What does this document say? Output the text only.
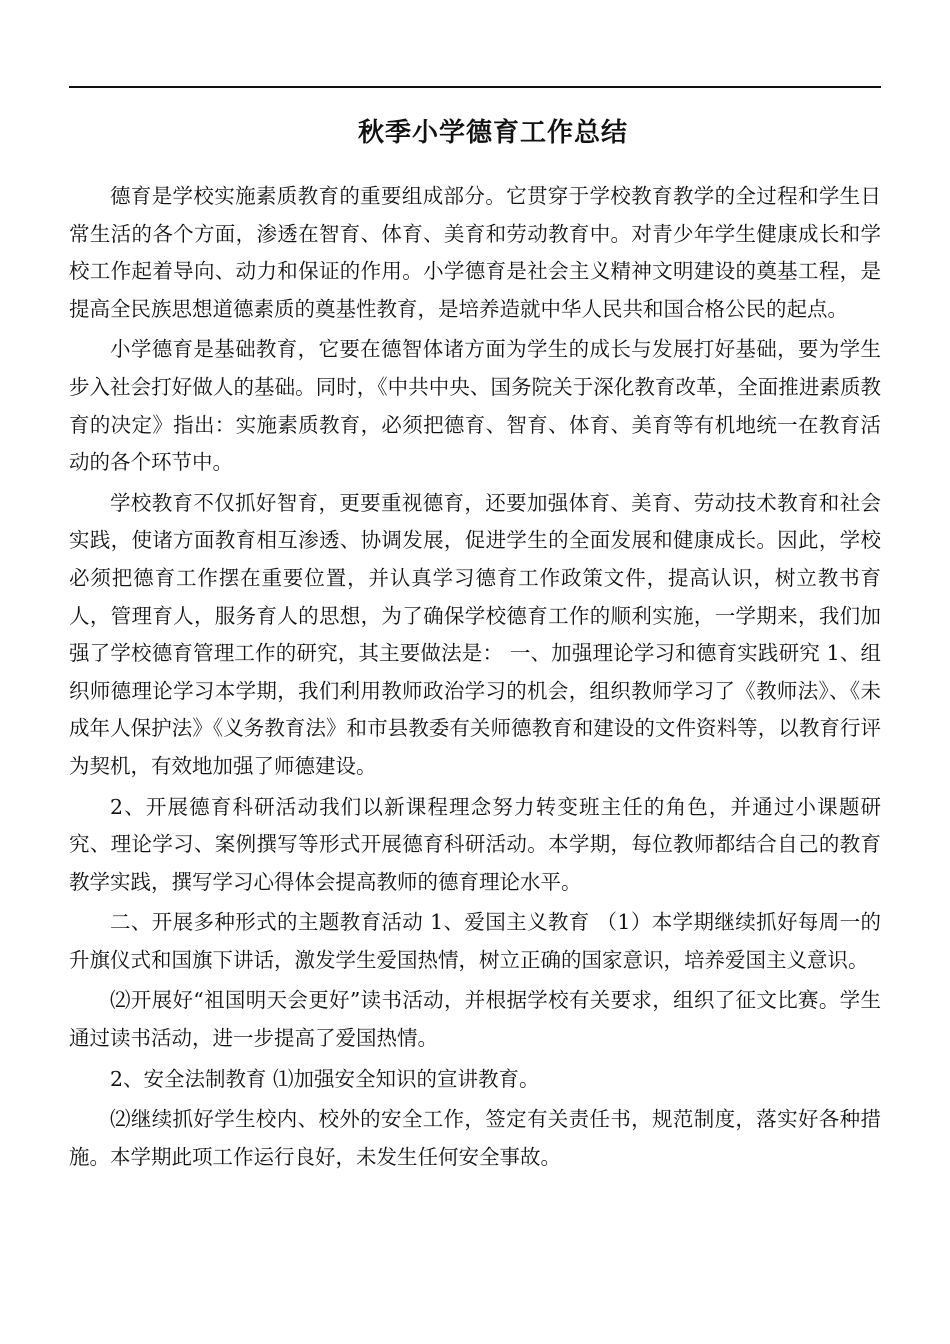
秋季小学德育工作总结

德育是学校实施素质教育的重要组成部分。它贯穿于学校教育教学的全过程和学生日常生活的各个方面，渗透在智育、体育、美育和劳动教育中。对青少年学生健康成长和学校工作起着导向、动力和保证的作用。小学德育是社会主义精神文明建设的奠基工程，是提高全民族思想道德素质的奠基性教育，是培养造就中华人民共和国合格公民的起点。

小学德育是基础教育，它要在德智体诸方面为学生的成长与发展打好基础，要为学生步入社会打好做人的基础。同时，《中共中央、国务院关于深化教育改革，全面推进素质教育的决定》指出：实施素质教育，必须把德育、智育、体育、美育等有机地统一在教育活动的各个环节中。

学校教育不仅抓好智育，更要重视德育，还要加强体育、美育、劳动技术教育和社会实践，使诸方面教育相互渗透、协调发展，促进学生的全面发展和健康成长。因此，学校必须把德育工作摆在重要位置，并认真学习德育工作政策文件，提高认识，树立教书育人，管理育人，服务育人的思想，为了确保学校德育工作的顺利实施，一学期来，我们加强了学校德育管理工作的研究，其主要做法是： 一、加强理论学习和德育实践研究 1、组织师德理论学习本学期，我们利用教师政治学习的机会，组织教师学习了《教师法》、《未成年人保护法》《义务教育法》和市县教委有关师德教育和建设的文件资料等，以教育行评为契机，有效地加强了师德建设。

2、开展德育科研活动我们以新课程理念努力转变班主任的角色，并通过小课题研究、理论学习、案例撰写等形式开展德育科研活动。本学期，每位教师都结合自己的教育教学实践，撰写学习心得体会提高教师的德育理论水平。

二、开展多种形式的主题教育活动 1、爱国主义教育 （1）本学期继续抓好每周一的升旗仪式和国旗下讲话，激发学生爱国热情，树立正确的国家意识，培养爱国主义意识。

⑵开展好“祖国明天会更好”读书活动，并根据学校有关要求，组织了征文比赛。学生通过读书活动，进一步提高了爱国热情。

2、安全法制教育 ⑴加强安全知识的宣讲教育。

⑵继续抓好学生校内、校外的安全工作，签定有关责任书，规范制度，落实好各种措施。本学期此项工作运行良好，未发生任何安全事故。
